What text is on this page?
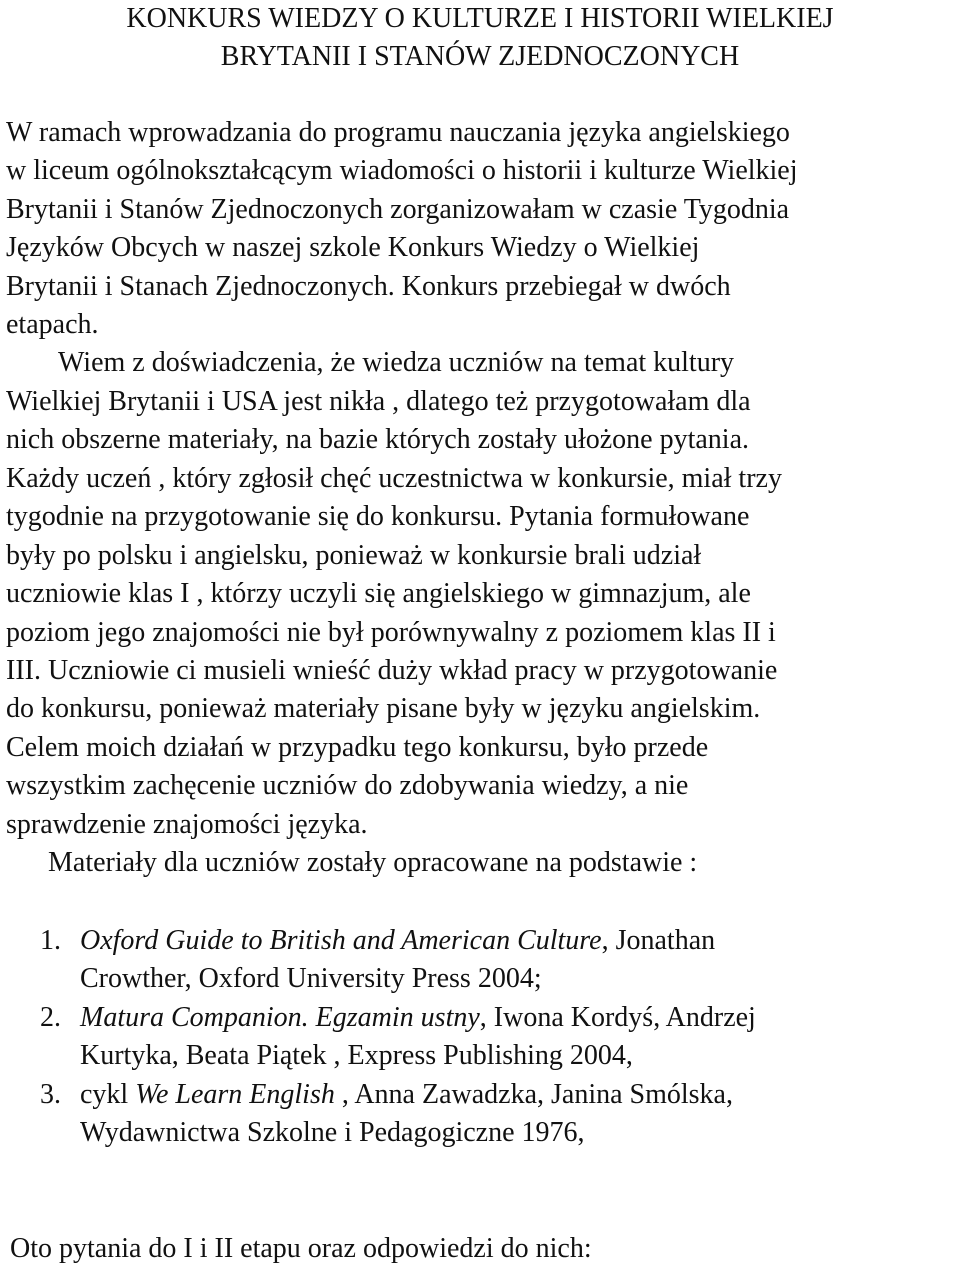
KONKURS WIEDZY O KULTURZE I HISTORII WIELKIEJ
BRYTANII I STANÓW ZJEDNOCZONYCH
W ramach wprowadzania do programu nauczania języka angielskiego
w liceum ogólnokształcącym wiadomości o historii i kulturze Wielkiej
Brytanii i Stanów Zjednoczonych zorganizowałam w czasie Tygodnia
Języków Obcych w naszej szkole Konkurs Wiedzy o Wielkiej
Brytanii i Stanach Zjednoczonych. Konkurs przebiegał w dwóch
etapach.
Wiem z doświadczenia, że wiedza uczniów na temat kultury
Wielkiej Brytanii i USA jest nikła , dlatego też przygotowałam dla
nich obszerne materiały, na bazie których zostały ułożone pytania.
Każdy uczeń , który zgłosił chęć uczestnictwa w konkursie, miał trzy
tygodnie na przygotowanie się do konkursu. Pytania formułowane
były po polsku i angielsku, ponieważ w konkursie brali udział
uczniowie klas I , którzy uczyli się angielskiego w gimnazjum, ale
poziom jego znajomości nie był porównywalny z poziomem klas II i
III. Uczniowie ci musieli wnieść duży wkład pracy w przygotowanie
do konkursu, ponieważ materiały pisane były w języku angielskim.
Celem moich działań w przypadku tego konkursu, było przede
wszystkim zachęcenie uczniów do zdobywania wiedzy, a nie
sprawdzenie znajomości języka.
Materiały dla uczniów zostały opracowane na podstawie :
1. Oxford Guide to British and American Culture, Jonathan
Crowther, Oxford University Press 2004;
2. Matura Companion. Egzamin ustny, Iwona Kordyś, Andrzej
Kurtyka, Beata Piątek , Express Publishing 2004,
3. cykl We Learn English , Anna Zawadzka, Janina Smólska,
Wydawnictwa Szkolne i Pedagogiczne 1976,
Oto pytania do I i II etapu oraz odpowiedzi do nich:
